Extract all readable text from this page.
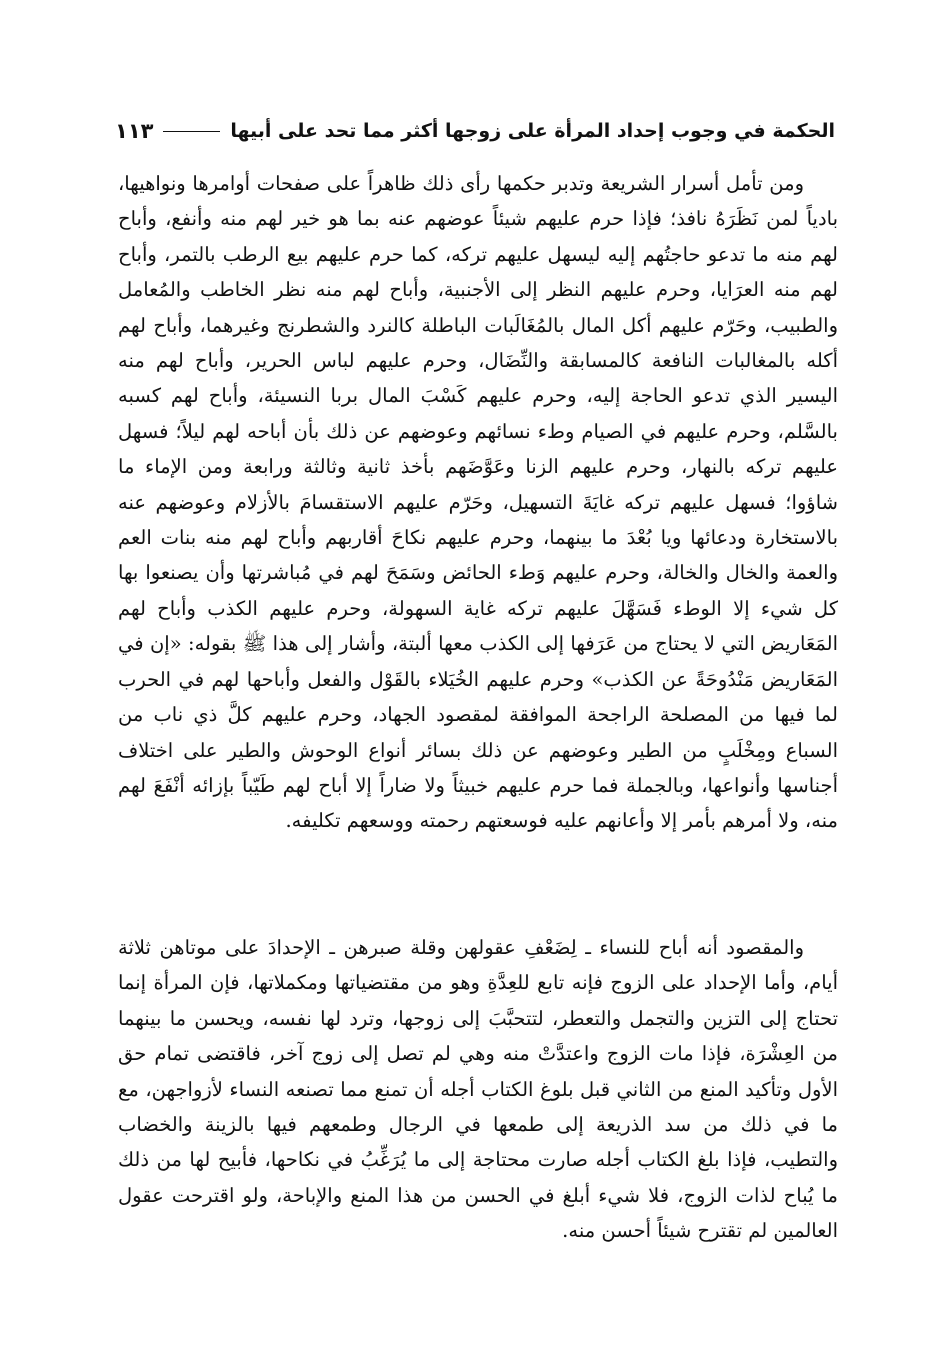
الحكمة في وجوب إحداد المرأة على زوجها أكثر مما تحد على أبيها
١١٣

ومن تأمل أسرار الشريعة وتدبر حكمها رأى ذلك ظاهراً على صفحات أوامرها ونواهيها، بادياً لمن نَظَرَهُ نافذ؛ فإذا حرم عليهم شيئاً عوضهم عنه بما هو خير لهم منه وأنفع، وأباح لهم منه ما تدعو حاجتُهم إليه ليسهل عليهم تركه، كما حرم عليهم بيع الرطب بالتمر، وأباح لهم منه العرَايا، وحرم عليهم النظر إلى الأجنبية، وأباح لهم منه نظر الخاطب والمُعامل والطبيب، وحَرّم عليهم أكل المال بالمُغَالَبات الباطلة كالنرد والشطرنج وغيرهما، وأباح لهم أكله بالمغالبات النافعة كالمسابقة والنِّضَال، وحرم عليهم لباس الحرير، وأباح لهم منه اليسير الذي تدعو الحاجة إليه، وحرم عليهم كَسْبَ المال بربا النسيئة، وأباح لهم كسبه بالسَّلم، وحرم عليهم في الصيام وطء نسائهم وعوضهم عن ذلك بأن أباحه لهم ليلاً؛ فسهل عليهم تركه بالنهار، وحرم عليهم الزنا وعَوَّضَهم بأخذ ثانية وثالثة ورابعة ومن الإماء ما شاؤوا؛ فسهل عليهم تركه غايَةَ التسهيل، وحَرّم عليهم الاستقسامَ بالأزلام وعوضهم عنه بالاستخارة ودعائها ويا بُعْدَ ما بينهما، وحرم عليهم نكاحَ أقاربهم وأباح لهم منه بنات العم والعمة والخال والخالة، وحرم عليهم وَطء الحائض وسَمَحَ لهم في مُباشرتها وأن يصنعوا بها كل شيء إلا الوطء فَسَهَّلَ عليهم تركه غاية السهولة، وحرم عليهم الكذب وأباح لهم المَعَاريض التي لا يحتاج من عَرَفها إلى الكذب معها ألبتة، وأشار إلى هذا ﷺ بقوله: «إن في المَعَاريض مَنْدُوحَةً عن الكذب» وحرم عليهم الخُيَلاء بالقَوْل والفعل وأباحها لهم في الحرب لما فيها من المصلحة الراجحة الموافقة لمقصود الجهاد، وحرم عليهم كلَّ ذي ناب من السباع ومِخْلَبٍ من الطير وعوضهم عن ذلك بسائر أنواع الوحوش والطير على اختلاف أجناسها وأنواعها، وبالجملة فما حرم عليهم خبيثاً ولا ضاراً إلا أباح لهم طَيّباً بإزائه أنْفَعَ لهم منه، ولا أمرهم بأمر إلا وأعانهم عليه فوسعتهم رحمته ووسعهم تكليفه.

والمقصود أنه أباح للنساء ـ لِضَعْفِ عقولهن وقلة صبرهن ـ الإحدادَ على موتاهن ثلاثة أيام، وأما الإحداد على الزوج فإنه تابع للعِدَّةِ وهو من مقتضياتها ومكملاتها، فإن المرأة إنما تحتاج إلى التزين والتجمل والتعطر، لتتحبَّبَ إلى زوجها، وترد لها نفسه، ويحسن ما بينهما من العِشْرَة، فإذا مات الزوج واعتدَّتْ منه وهي لم تصل إلى زوج آخر، فاقتضى تمام حق الأول وتأكيد المنع من الثاني قبل بلوغ الكتاب أجله أن تمنع مما تصنعه النساء لأزواجهن، مع ما في ذلك من سد الذريعة إلى طمعها في الرجال وطمعهم فيها بالزينة والخضاب والتطيب، فإذا بلغ الكتاب أجله صارت محتاجة إلى ما يُرَغِّبُ في نكاحها، فأبيح لها من ذلك ما يُباح لذات الزوج، فلا شيء أبلغ في الحسن من هذا المنع والإباحة، ولو اقترحت عقول العالمين لم تقترح شيئاً أحسن منه.
